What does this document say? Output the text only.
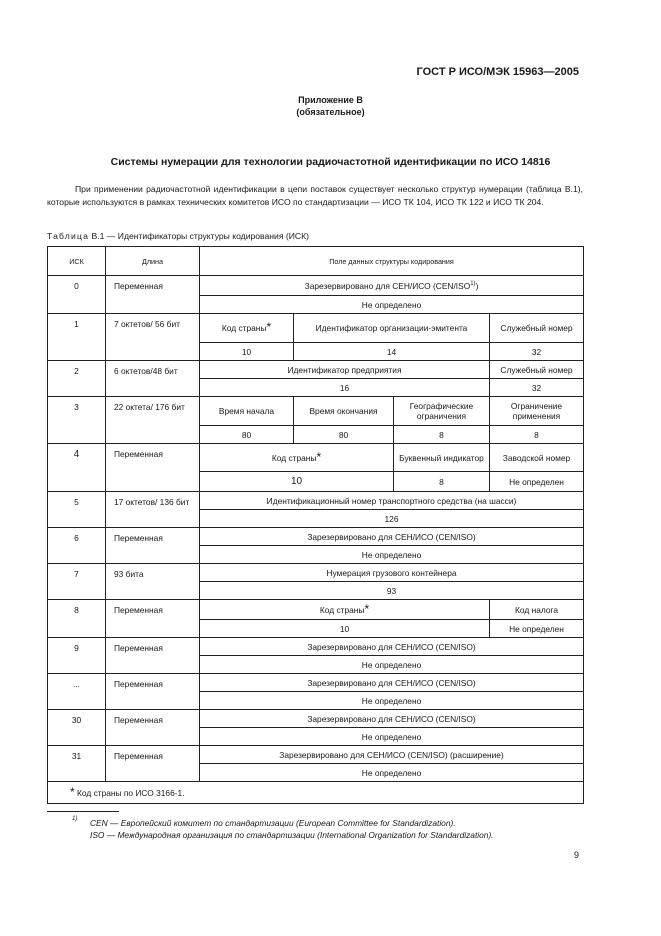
ГОСТ Р ИСО/МЭК 15963—2005
Приложение В
(обязательное)
Системы нумерации для технологии радиочастотной идентификации по ИСО 14816
При применении радиочастотной идентификации в цепи поставок существует несколько структур нумерации (таблица В.1), которые используются в рамках технических комитетов ИСО по стандартизации — ИСО ТК 104, ИСО ТК 122 и ИСО ТК 204.
Таблица В.1 — Идентификаторы структуры кодирования (ИСК)
ИСК	Длина	Поле данных структуры кодирования			
0	Переменная	Зарезервировано для СЕН/ИСО (CEN/ISO$^{1)}$)			
		Не определено			
1	7 октетов/ 56 бит	Код страны*	Идентификатор организации-эмитента		Служебный номер
		10	14		32
2	6 октетов/48 бит	Идентификатор предприятия			Служебный номер
		16			32
3	22 октета/ 176 бит	Время начала	Время окончания	Географические ограничения	Ограничение применения
		80	80	8	8
4	Переменная	Код страны*		Буквенный индикатор	Заводской номер
		10		8	Не определен
5	17 октетов/ 136 бит	Идентификационный номер транспортного средства (на шасси)			
		126			
6	Переменная	Зарезервировано для СЕН/ИСО (CEN/ISO)			
		Не определено			
7	93 бита	Нумерация грузового контейнера			
		93			
8	Переменная	Код страны*			Код налога
		10			Не определен
9	Переменная	Зарезервировано для СЕН/ИСО (CEN/ISO)			
		Не определено			
...	Переменная	Зарезервировано для СЕН/ИСО (CEN/ISO)			
		Не определено			
30	Переменная	Зарезервировано для СЕН/ИСО (CEN/ISO)			
		Не определено			
31	Переменная	Зарезервировано для СЕН/ИСО (CEN/ISO) (расширение)			
		Не определено			
* Код страны по ИСО 3166-1.					
$^{1)}$	CEN — Европейский комитет по стандартизации (European Committee for Standardization).
ISO — Международная организация по стандартизации (International Organization for Standardization).
9
